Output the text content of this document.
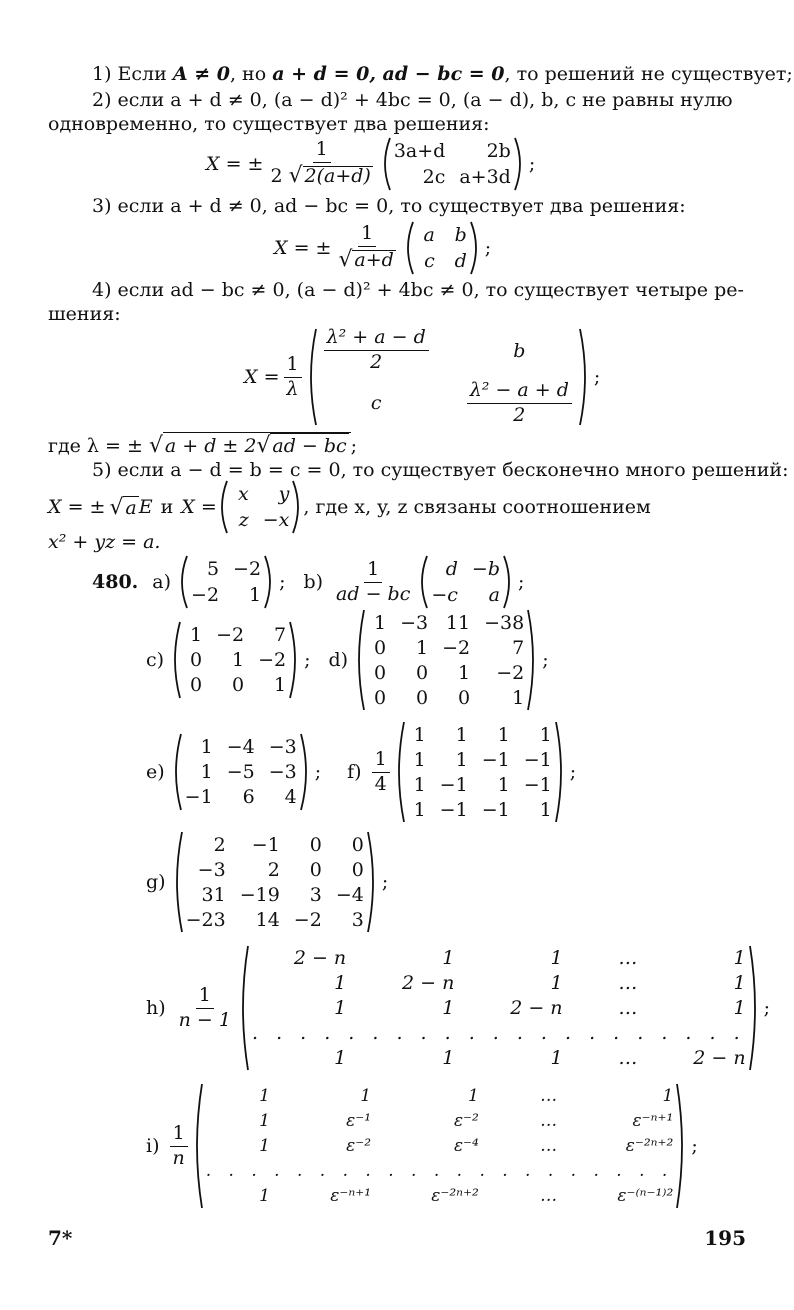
1) Если A ≠ 0, но a + d = 0, ad − bc = 0, то решений не существует;
2) если a + d ≠ 0, (a − d)² + 4bc = 0, (a − d), b, c не равны нулю
одновременно, то существует два решения:
X = ± $\frac{1}{2 √ 2(a+d)} 3a+d$	2b
2c a+3d
;
3) если a + d ≠ 0, ad − bc = 0, то существует два решения:
X = ± $\frac{1}{√ a+d}$	a	b
c	d
;
4) если ad − bc ≠ 0, (a − d)² + 4bc ≠ 0, то существует четыре ре-
шения:
$X = \frac{1}{\lambda}$
$\frac{\text{λ² + a − d}}{2}$	b
c	$\frac{\text{λ² − a + d}}{2}$
;
где λ = ± √ a + d ± 2√ ad − bc ;
5) если a − d = b = c = 0, то существует бесконечно много решений:
X = ± √ a E и X =
x	y
z −x
, где x, y, z связаны соотношением
x² + yz = a.
480. a)
5 −2
−2	1
; $b) \frac{1}{ad - bc}$	d −b
−c	a
;
c)
1 −2	7
0	1 −2
0	0	1
; d)
1 −3 11 −38
0	1 −2	7
0	0	1	−2
0	0	0	1
;
e)
1 −4 −3
1 −5 −3
−1	6	4
; $f) \frac{1}{4}$
1	1	1	1
1	1 −1 −1
1 −1	1 −1
1 −1 −1	1
;
g)
2	−1	0	0
−3	2	0	0
31 −19	3 −4
−23	14 −2	3
;
$h) \frac{1}{n - 1}$
2 − n	1	1	…	1
1	2 − n	1	…	1
1	1	2 − n	…	1
. . . . . . . . . . . . . . . . . . . . .
1	1	1	…	2 − n
;
$i) \frac{1}{n}$
1	1	1	…	1
1	ε⁻¹	ε⁻²	…	ε⁻ⁿ⁺¹
1	ε⁻²	ε⁻⁴	…	ε⁻²ⁿ⁺²
. . . . . . . . . . . . . . . . . . . . .
1	ε⁻ⁿ⁺¹	ε⁻²ⁿ⁺²	…	ε⁻⁽ⁿ⁻¹⁾²
;
7*	195
